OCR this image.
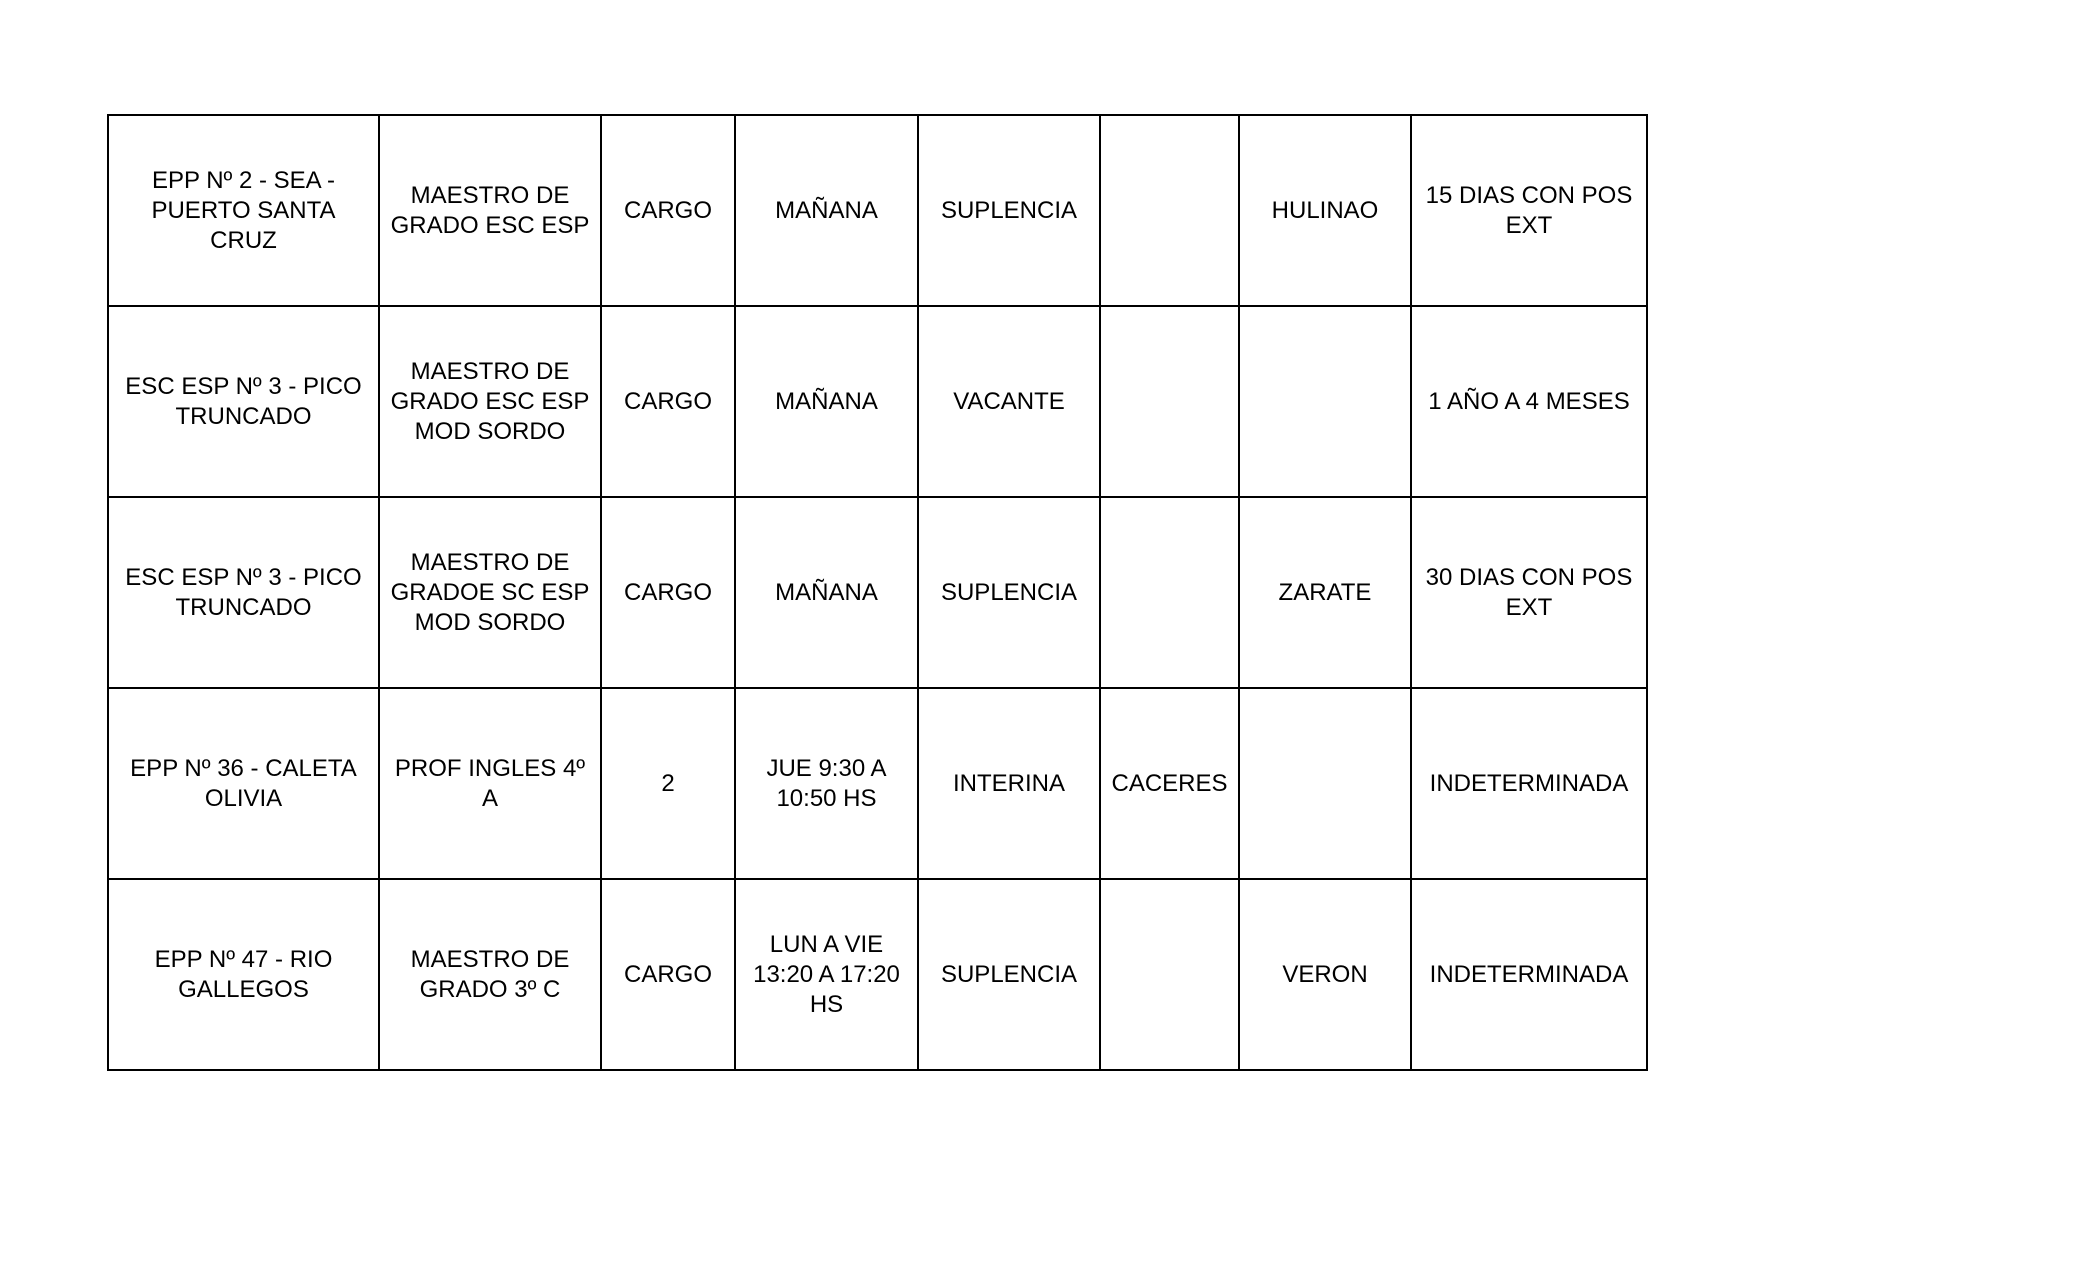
EPP Nº 2 - SEA - PUERTO SANTA CRUZ	MAESTRO DE GRADO ESC ESP	CARGO	MAÑANA	SUPLENCIA		HULINAO	15 DIAS CON POS EXT
ESC ESP Nº 3 - PICO TRUNCADO	MAESTRO DE GRADO ESC ESP MOD SORDO	CARGO	MAÑANA	VACANTE			1 AÑO A 4 MESES
ESC ESP Nº 3 - PICO TRUNCADO	MAESTRO DE GRADOE SC ESP MOD SORDO	CARGO	MAÑANA	SUPLENCIA		ZARATE	30 DIAS CON POS EXT
EPP Nº 36 - CALETA OLIVIA	PROF INGLES 4º A	2	JUE 9:30 A 10:50 HS	INTERINA	CACERES		INDETERMINADA
EPP Nº 47 - RIO GALLEGOS	MAESTRO DE GRADO 3º C	CARGO	LUN A VIE 13:20 A 17:20 HS	SUPLENCIA		VERON	INDETERMINADA
